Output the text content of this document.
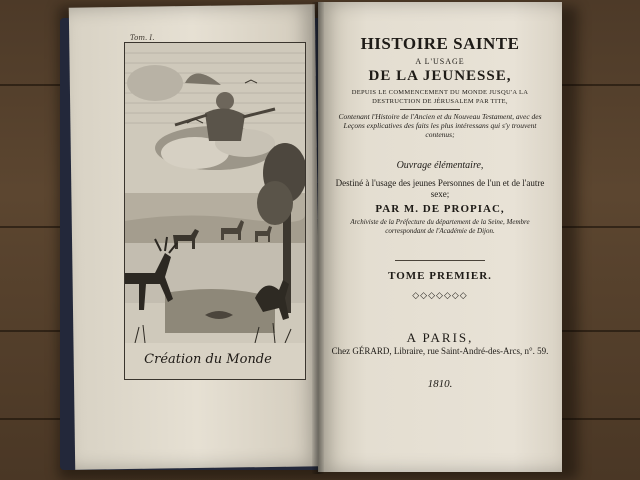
Tom. I.
Création du Monde
HISTOIRE SAINTE
A L'USAGE
DE LA JEUNESSE,
DEPUIS LE COMMENCEMENT DU MONDE JUSQU'A LA DESTRUCTION DE JÉRUSALEM PAR TITE,
Contenant l'Histoire de l'Ancien et du Nouveau Testament, avec des Leçons explicatives des faits les plus intéressans qui s'y trouvent contenus;
Ouvrage élémentaire,
Destiné à l'usage des jeunes Personnes de l'un et de l'autre sexe;
PAR M. DE PROPIAC,
Archiviste de la Préfecture du département de la Seine, Membre correspondant de l'Académie de Dijon.
TOME PREMIER.
◇◇◇◇◇◇◇
A PARIS,
Chez GÉRARD, Libraire, rue Saint-André-des-Arcs, n°. 59.
1810.
